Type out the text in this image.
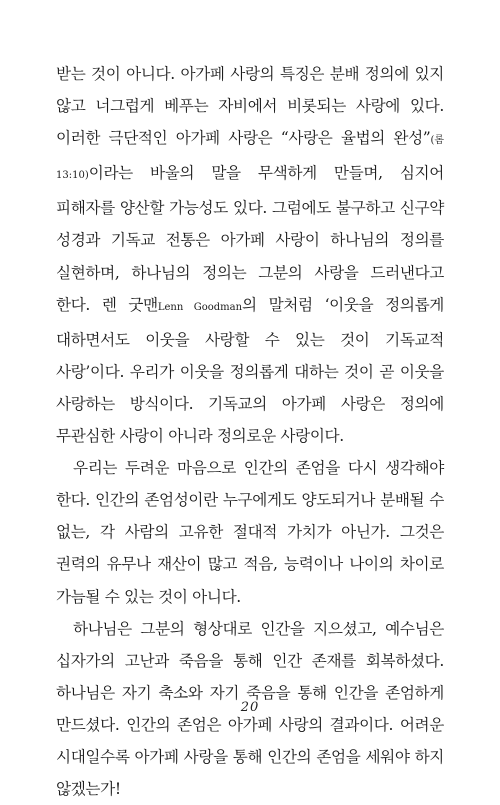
받는 것이 아니다. 아가페 사랑의 특징은 분배 정의에 있지 않고 너그럽게 베푸는 자비에서 비롯되는 사랑에 있다. 이러한 극단적인 아가페 사랑은 “사랑은 율법의 완성”(롬 13:10)이라는 바울의 말을 무색하게 만들며, 심지어 피해자를 양산할 가능성도 있다. 그럼에도 불구하고 신구약 성경과 기독교 전통은 아가페 사랑이 하나님의 정의를 실현하며, 하나님의 정의는 그분의 사랑을 드러낸다고 한다. 렌 굿맨Lenn Goodman의 말처럼 ‘이웃을 정의롭게 대하면서도 이웃을 사랑할 수 있는 것이 기독교적 사랑’이다. 우리가 이웃을 정의롭게 대하는 것이 곧 이웃을 사랑하는 방식이다. 기독교의 아가페 사랑은 정의에 무관심한 사랑이 아니라 정의로운 사랑이다.

우리는 두려운 마음으로 인간의 존엄을 다시 생각해야 한다. 인간의 존엄성이란 누구에게도 양도되거나 분배될 수 없는, 각 사람의 고유한 절대적 가치가 아닌가. 그것은 권력의 유무나 재산이 많고 적음, 능력이나 나이의 차이로 가늠될 수 있는 것이 아니다.

하나님은 그분의 형상대로 인간을 지으셨고, 예수님은 십자가의 고난과 죽음을 통해 인간 존재를 회복하셨다. 하나님은 자기 축소와 자기 죽음을 통해 인간을 존엄하게 만드셨다. 인간의 존엄은 아가페 사랑의 결과이다. 어려운 시대일수록 아가페 사랑을 통해 인간의 존엄을 세워야 하지 않겠는가!

20
